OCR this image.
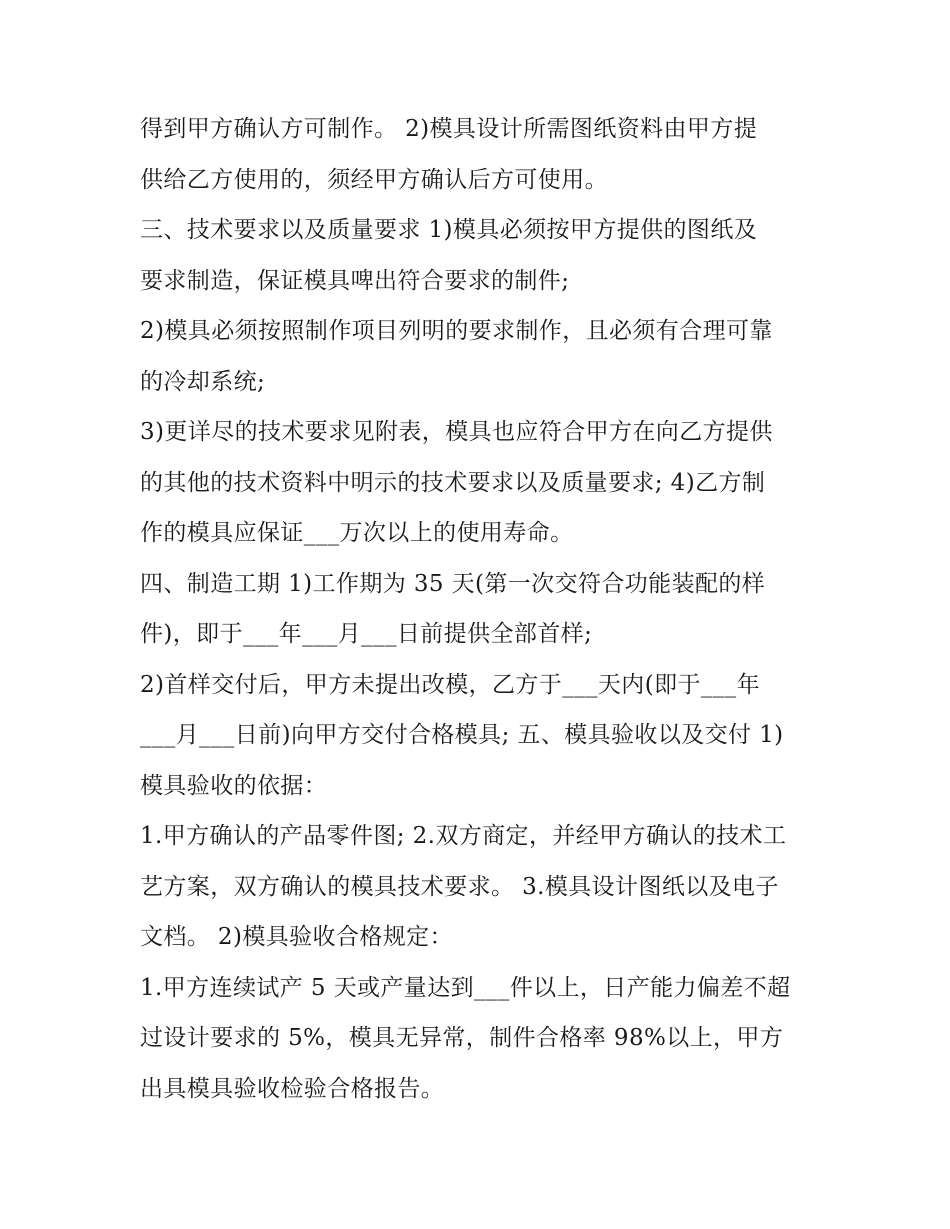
得到甲方确认方可制作。 2)模具设计所需图纸资料由甲方提
供给乙方使用的，须经甲方确认后方可使用。
三、技术要求以及质量要求 1)模具必须按甲方提供的图纸及
要求制造，保证模具啤出符合要求的制件;
2)模具必须按照制作项目列明的要求制作，且必须有合理可靠
的冷却系统;
3)更详尽的技术要求见附表，模具也应符合甲方在向乙方提供
的其他的技术资料中明示的技术要求以及质量要求; 4)乙方制
作的模具应保证___万次以上的使用寿命。
四、制造工期 1)工作期为 35 天(第一次交符合功能装配的样
件)，即于___年___月___日前提供全部首样;
2)首样交付后，甲方未提出改模，乙方于___天内(即于___年
___月___日前)向甲方交付合格模具; 五、模具验收以及交付 1)
模具验收的依据：
1.甲方确认的产品零件图; 2.双方商定，并经甲方确认的技术工
艺方案，双方确认的模具技术要求。 3.模具设计图纸以及电子
文档。 2)模具验收合格规定：
1.甲方连续试产 5 天或产量达到___件以上，日产能力偏差不超
过设计要求的 5%，模具无异常，制件合格率 98%以上，甲方
出具模具验收检验合格报告。
